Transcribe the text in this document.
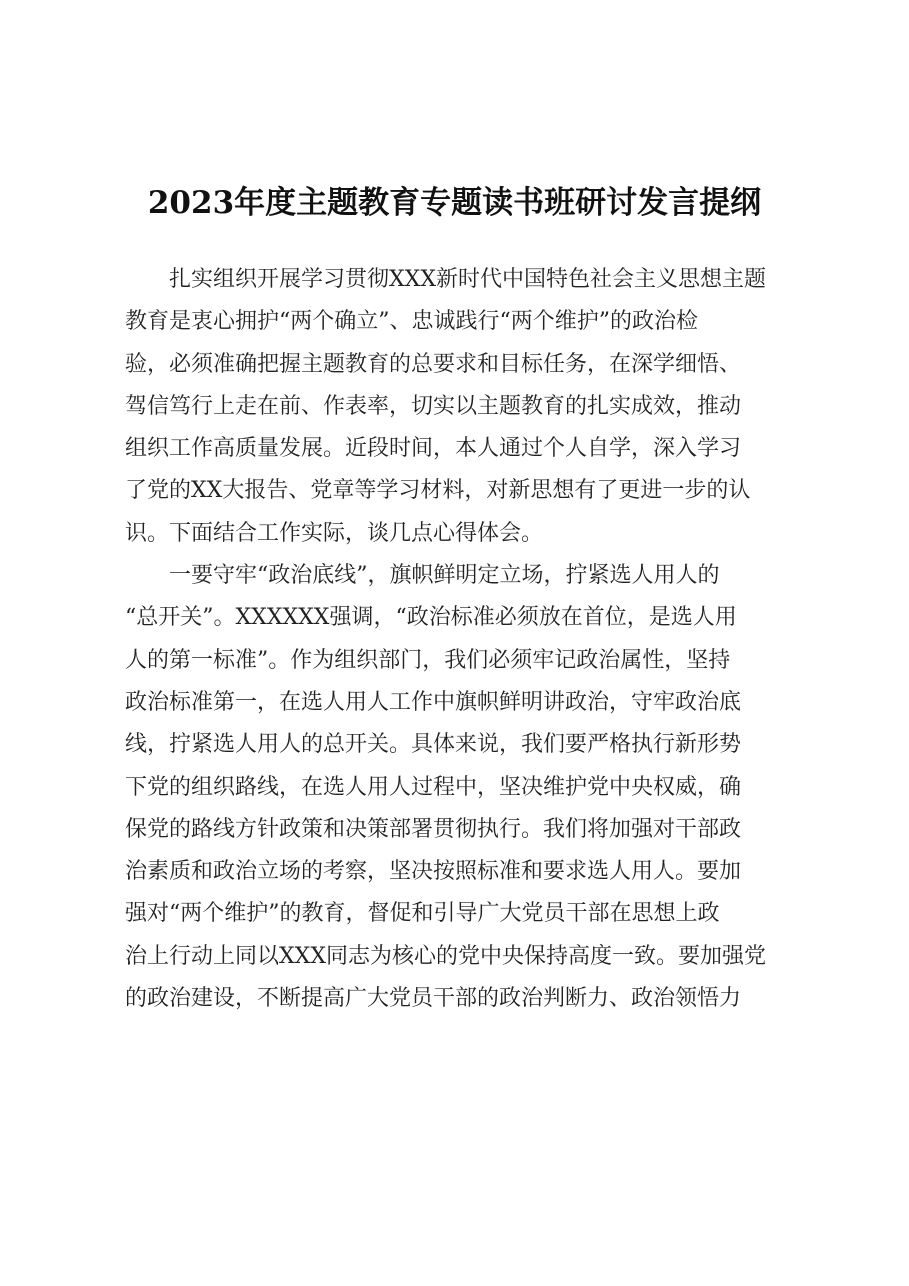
2023年度主题教育专题读书班研讨发言提纲
　　扎实组织开展学习贯彻XXX新时代中国特色社会主义思想主题
教育是衷心拥护“两个确立”、忠诚践行“两个维护”的政治检
验，必须准确把握主题教育的总要求和目标任务，在深学细悟、
驾信笃行上走在前、作表率，切实以主题教育的扎实成效，推动
组织工作高质量发展。近段时间，本人通过个人自学，深入学习
了党的XX大报告、党章等学习材料，对新思想有了更进一步的认
识。下面结合工作实际，谈几点心得体会。
　　一要守牢“政治底线”，旗帜鲜明定立场，拧紧选人用人的
“总开关”。XXXXXX强调，“政治标准必须放在首位，是选人用
人的第一标准”。作为组织部门，我们必须牢记政治属性，坚持
政治标准第一，在选人用人工作中旗帜鲜明讲政治，守牢政治底
线，拧紧选人用人的总开关。具体来说，我们要严格执行新形势
下党的组织路线，在选人用人过程中，坚决维护党中央权威，确
保党的路线方针政策和决策部署贯彻执行。我们将加强对干部政
治素质和政治立场的考察，坚决按照标准和要求选人用人。要加
强对“两个维护”的教育，督促和引导广大党员干部在思想上政
治上行动上同以XXX同志为核心的党中央保持高度一致。要加强党
的政治建设，不断提高广大党员干部的政治判断力、政治领悟力
